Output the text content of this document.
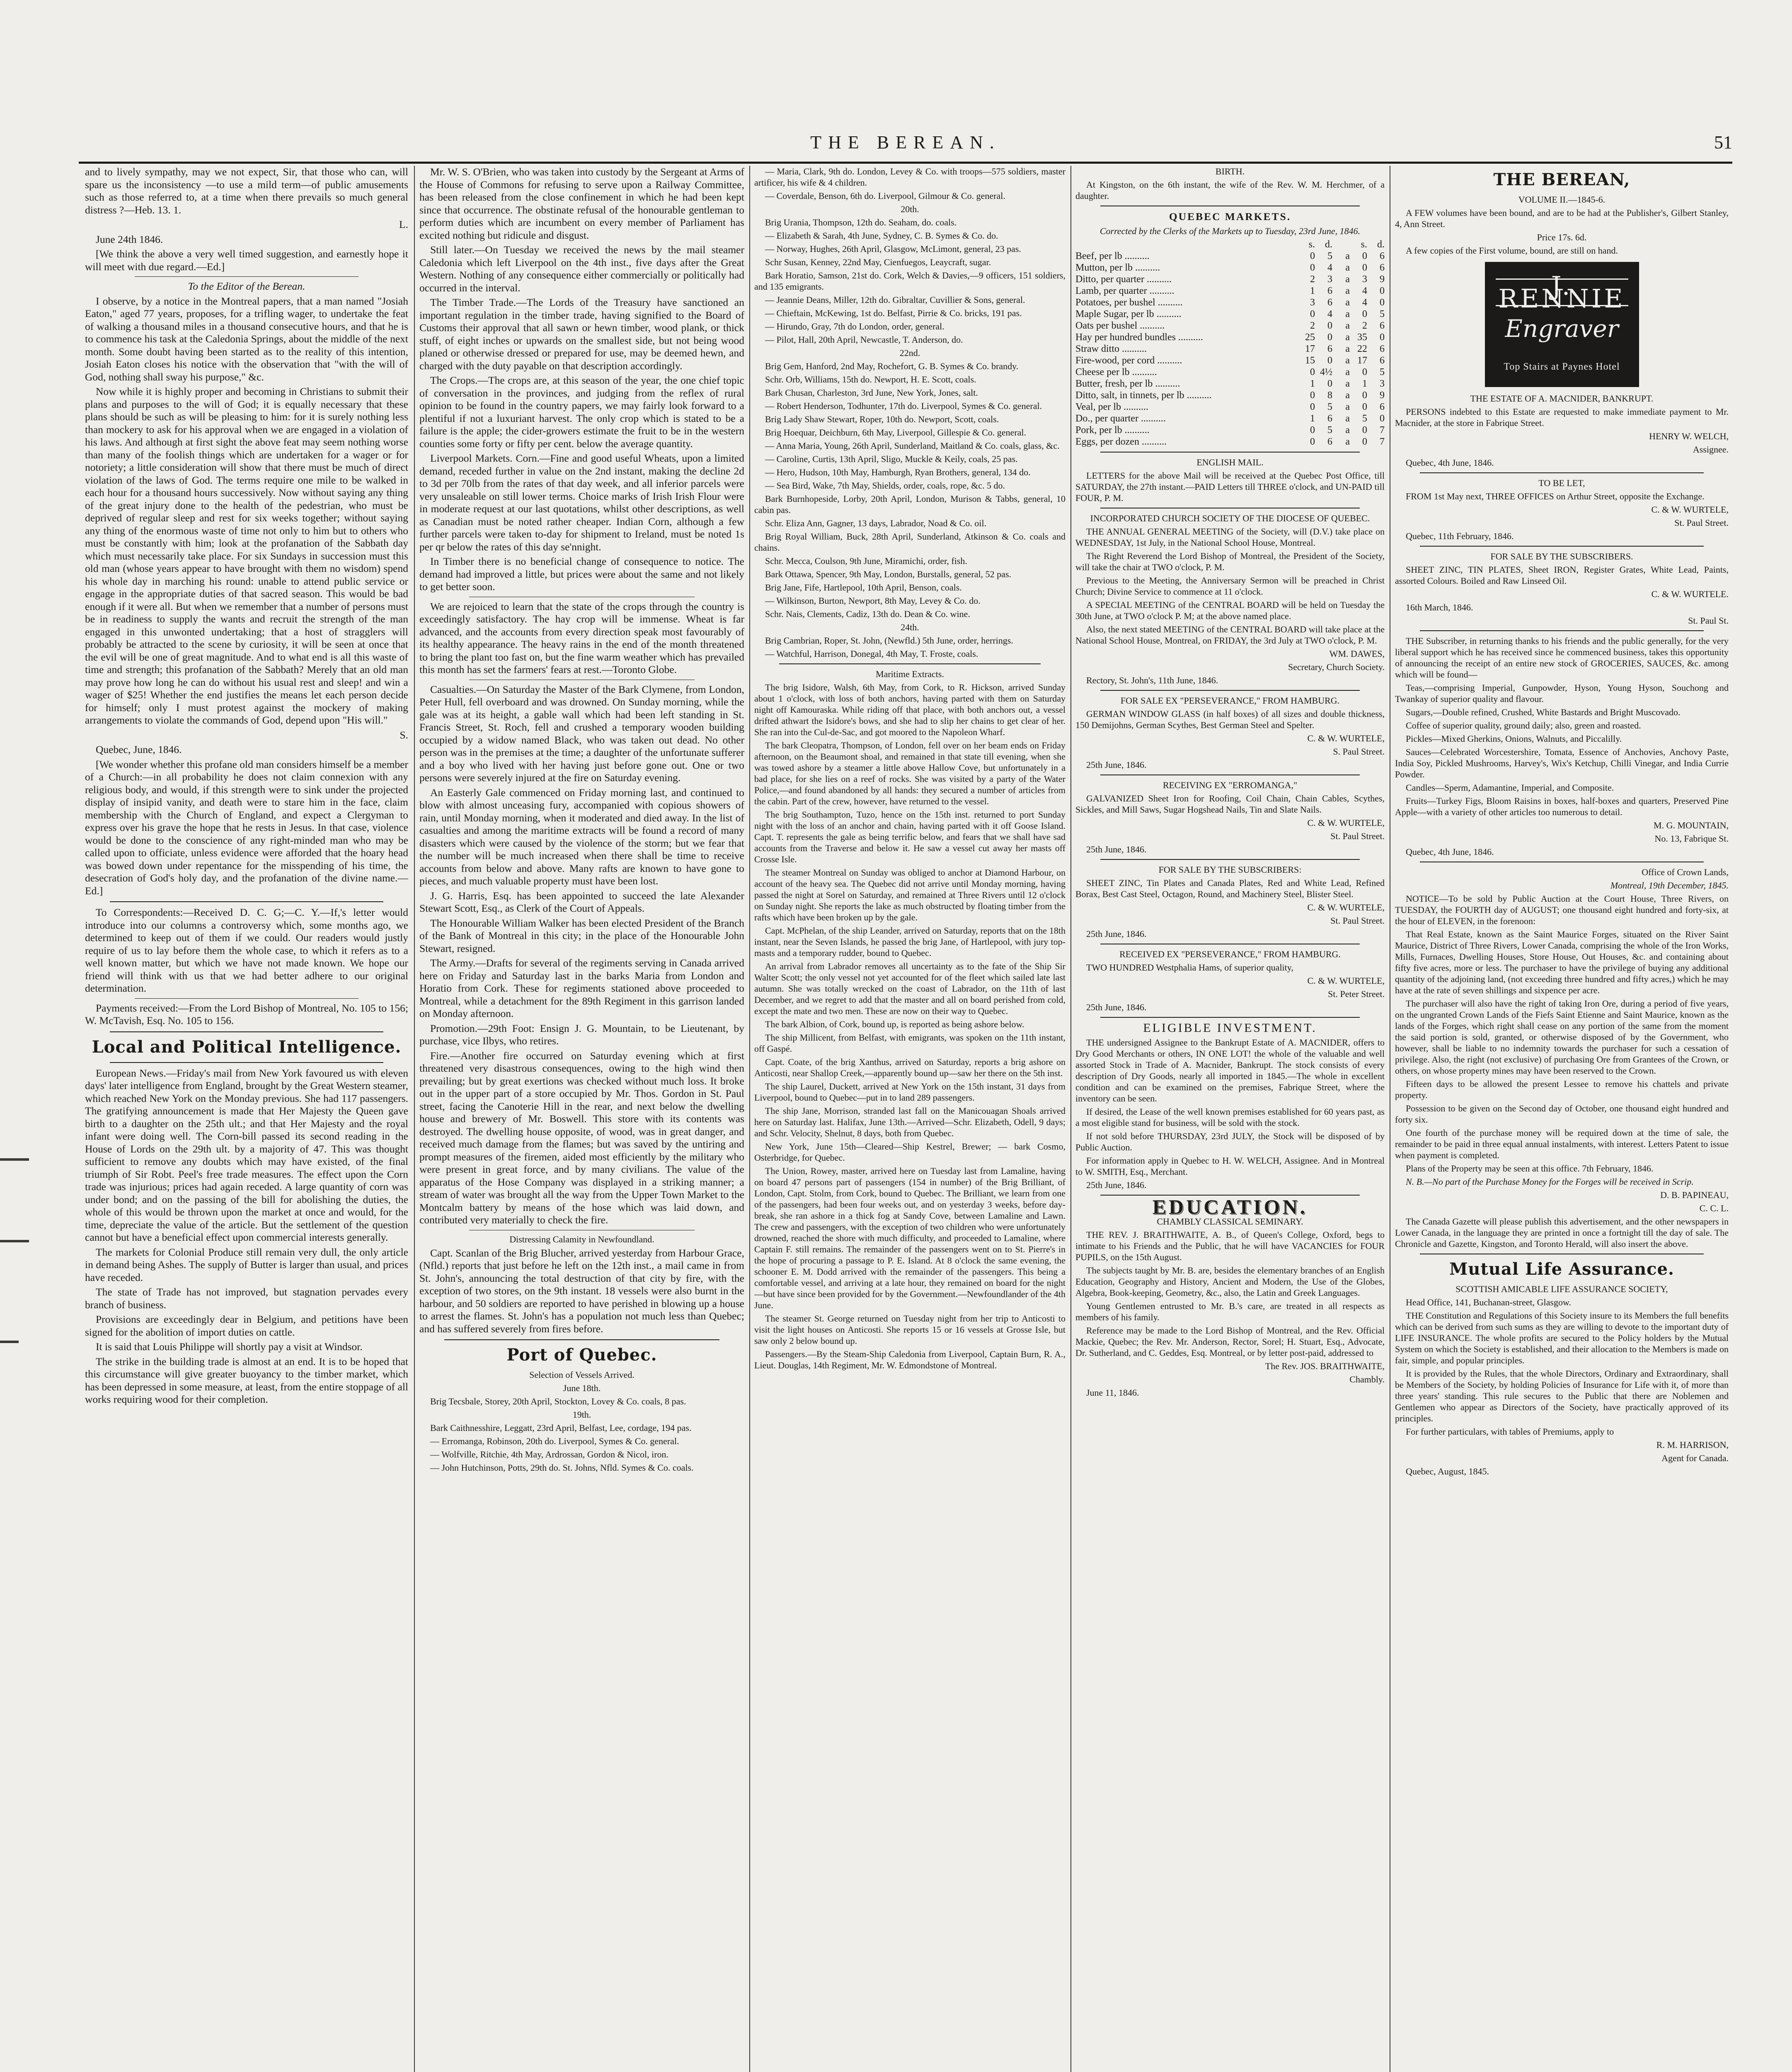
THE BEREAN.	51

and to lively sympathy, may we not expect, Sir, that those who can, will spare us the inconsistency —to use a mild term—of public amusements such as those referred to, at a time when there prevails so much general distress ?—Heb. 13. 1.

L.

June 24th 1846.

[We think the above a very well timed suggestion, and earnestly hope it will meet with due regard.—Ed.]

To the Editor of the Berean.

I observe, by a notice in the Montreal papers, that a man named "Josiah Eaton," aged 77 years, proposes, for a trifling wager, to undertake the feat of walking a thousand miles in a thousand consecutive hours, and that he is to commence his task at the Caledonia Springs, about the middle of the next month. Some doubt having been started as to the reality of this intention, Josiah Eaton closes his notice with the observation that "with the will of God, nothing shall sway his purpose," &c.

Now while it is highly proper and becoming in Christians to submit their plans and purposes to the will of God; it is equally necessary that these plans should be such as will be pleasing to him: for it is surely nothing less than mockery to ask for his approval when we are engaged in a violation of his laws. And although at first sight the above feat may seem nothing worse than many of the foolish things which are undertaken for a wager or for notoriety; a little consideration will show that there must be much of direct violation of the laws of God. The terms require one mile to be walked in each hour for a thousand hours successively. Now without saying any thing of the great injury done to the health of the pedestrian, who must be deprived of regular sleep and rest for six weeks together; without saying any thing of the enormous waste of time not only to him but to others who must be constantly with him; look at the profanation of the Sabbath day which must necessarily take place. For six Sundays in succession must this old man (whose years appear to have brought with them no wisdom) spend his whole day in marching his round: unable to attend public service or engage in the appropriate duties of that sacred season. This would be bad enough if it were all. But when we remember that a number of persons must be in readiness to supply the wants and recruit the strength of the man engaged in this unwonted undertaking; that a host of stragglers will probably be attracted to the scene by curiosity, it will be seen at once that the evil will be one of great magnitude. And to what end is all this waste of time and strength; this profanation of the Sabbath? Merely that an old man may prove how long he can do without his usual rest and sleep! and win a wager of $25! Whether the end justifies the means let each person decide for himself; only I must protest against the mockery of making arrangements to violate the commands of God, depend upon "His will."

S.

Quebec, June, 1846.

[We wonder whether this profane old man considers himself be a member of a Church:—in all probability he does not claim connexion with any religious body, and would, if this strength were to sink under the projected display of insipid vanity, and death were to stare him in the face, claim membership with the Church of England, and expect a Clergyman to express over his grave the hope that he rests in Jesus. In that case, violence would be done to the conscience of any right-minded man who may be called upon to officiate, unless evidence were afforded that the hoary head was bowed down under repentance for the misspending of his time, the desecration of God's holy day, and the profanation of the divine name.—Ed.]

To Correspondents:—Received D. C. G;—C. Y.—If,'s letter would introduce into our columns a controversy which, some months ago, we determined to keep out of them if we could. Our readers would justly require of us to lay before them the whole case, to which it refers as to a well known matter, but which we have not made known. We hope our friend will think with us that we had better adhere to our original determination.

Payments received:—From the Lord Bishop of Montreal, No. 105 to 156; W. McTavish, Esq. No. 105 to 156.

Local and Political Intelligence.

European News.—Friday's mail from New York favoured us with eleven days' later intelligence from England, brought by the Great Western steamer, which reached New York on the Monday previous. She had 117 passengers. The gratifying announcement is made that Her Majesty the Queen gave birth to a daughter on the 25th ult.; and that Her Majesty and the royal infant were doing well. The Corn-bill passed its second reading in the House of Lords on the 29th ult. by a majority of 47. This was thought sufficient to remove any doubts which may have existed, of the final triumph of Sir Robt. Peel's free trade measures. The effect upon the Corn trade was injurious; prices had again receded. A large quantity of corn was under bond; and on the passing of the bill for abolishing the duties, the whole of this would be thrown upon the market at once and would, for the time, depreciate the value of the article. But the settlement of the question cannot but have a beneficial effect upon commercial interests generally.

The markets for Colonial Produce still remain very dull, the only article in demand being Ashes. The supply of Butter is larger than usual, and prices have receded.

The state of Trade has not improved, but stagnation pervades every branch of business.

Provisions are exceedingly dear in Belgium, and petitions have been signed for the abolition of import duties on cattle.

It is said that Louis Philippe will shortly pay a visit at Windsor.

The strike in the building trade is almost at an end. It is to be hoped that this circumstance will give greater buoyancy to the timber market, which has been depressed in some measure, at least, from the entire stoppage of all works requiring wood for their completion.

Mr. W. S. O'Brien, who was taken into custody by the Sergeant at Arms of the House of Commons for refusing to serve upon a Railway Committee, has been released from the close confinement in which he had been kept since that occurrence. The obstinate refusal of the honourable gentleman to perform duties which are incumbent on every member of Parliament has excited nothing but ridicule and disgust.

Still later.—On Tuesday we received the news by the mail steamer Caledonia which left Liverpool on the 4th inst., five days after the Great Western. Nothing of any consequence either commercially or politically had occurred in the interval.

The Timber Trade.—The Lords of the Treasury have sanctioned an important regulation in the timber trade, having signified to the Board of Customs their approval that all sawn or hewn timber, wood plank, or thick stuff, of eight inches or upwards on the smallest side, but not being wood planed or otherwise dressed or prepared for use, may be deemed hewn, and charged with the duty payable on that description accordingly.

The Crops.—The crops are, at this season of the year, the one chief topic of conversation in the provinces, and judging from the reflex of rural opinion to be found in the country papers, we may fairly look forward to a plentiful if not a luxuriant harvest. The only crop which is stated to be a failure is the apple; the cider-growers estimate the fruit to be in the western counties some forty or fifty per cent. below the average quantity.

Liverpool Markets. Corn.—Fine and good useful Wheats, upon a limited demand, receded further in value on the 2nd instant, making the decline 2d to 3d per 70lb from the rates of that day week, and all inferior parcels were very unsaleable on still lower terms. Choice marks of Irish Irish Flour were in moderate request at our last quotations, whilst other descriptions, as well as Canadian must be noted rather cheaper. Indian Corn, although a few further parcels were taken to-day for shipment to Ireland, must be noted 1s per qr below the rates of this day se'nnight.

In Timber there is no beneficial change of consequence to notice. The demand had improved a little, but prices were about the same and not likely to get better soon.

We are rejoiced to learn that the state of the crops through the country is exceedingly satisfactory. The hay crop will be immense. Wheat is far advanced, and the accounts from every direction speak most favourably of its healthy appearance. The heavy rains in the end of the month threatened to bring the plant too fast on, but the fine warm weather which has prevailed this month has set the farmers' fears at rest.—Toronto Globe.

Casualties.—On Saturday the Master of the Bark Clymene, from London, Peter Hull, fell overboard and was drowned. On Sunday morning, while the gale was at its height, a gable wall which had been left standing in St. Francis Street, St. Roch, fell and crushed a temporary wooden building occupied by a widow named Black, who was taken out dead. No other person was in the premises at the time; a daughter of the unfortunate sufferer and a boy who lived with her having just before gone out. One or two persons were severely injured at the fire on Saturday evening.

An Easterly Gale commenced on Friday morning last, and continued to blow with almost unceasing fury, accompanied with copious showers of rain, until Monday morning, when it moderated and died away. In the list of casualties and among the maritime extracts will be found a record of many disasters which were caused by the violence of the storm; but we fear that the number will be much increased when there shall be time to receive accounts from below and above. Many rafts are known to have gone to pieces, and much valuable property must have been lost.

J. G. Harris, Esq. has been appointed to succeed the late Alexander Stewart Scott, Esq., as Clerk of the Court of Appeals.

The Honourable William Walker has been elected President of the Branch of the Bank of Montreal in this city; in the place of the Honourable John Stewart, resigned.

The Army.—Drafts for several of the regiments serving in Canada arrived here on Friday and Saturday last in the barks Maria from London and Horatio from Cork. These for regiments stationed above proceeded to Montreal, while a detachment for the 89th Regiment in this garrison landed on Monday afternoon.

Promotion.—29th Foot: Ensign J. G. Mountain, to be Lieutenant, by purchase, vice Ilbys, who retires.

Fire.—Another fire occurred on Saturday evening which at first threatened very disastrous consequences, owing to the high wind then prevailing; but by great exertions was checked without much loss. It broke out in the upper part of a store occupied by Mr. Thos. Gordon in St. Paul street, facing the Canoterie Hill in the rear, and next below the dwelling house and brewery of Mr. Boswell. This store with its contents was destroyed. The dwelling house opposite, of wood, was in great danger, and received much damage from the flames; but was saved by the untiring and prompt measures of the firemen, aided most efficiently by the military who were present in great force, and by many civilians. The value of the apparatus of the Hose Company was displayed in a striking manner; a stream of water was brought all the way from the Upper Town Market to the Montcalm battery by means of the hose which was laid down, and contributed very materially to check the fire.

Distressing Calamity in Newfoundland.

Capt. Scanlan of the Brig Blucher, arrived yesterday from Harbour Grace, (Nfld.) reports that just before he left on the 12th inst., a mail came in from St. John's, announcing the total destruction of that city by fire, with the exception of two stores, on the 9th instant. 18 vessels were also burnt in the harbour, and 50 soldiers are reported to have perished in blowing up a house to arrest the flames. St. John's has a population not much less than Quebec; and has suffered severely from fires before.

Port of Quebec.

Selection of Vessels Arrived.

June 18th.

Brig Tecsbale, Storey, 20th April, Stockton, Lovey & Co. coals, 8 pas.

19th.

Bark Caithnesshire, Leggatt, 23rd April, Belfast, Lee, cordage, 194 pas.

— Erromanga, Robinson, 20th do. Liverpool, Symes & Co. general.

— Wolfville, Ritchie, 4th May, Ardrossan, Gordon & Nicol, iron.

— John Hutchinson, Potts, 29th do. St. Johns, Nfld. Symes & Co. coals.

— Maria, Clark, 9th do. London, Levey & Co. with troops—575 soldiers, master artificer, his wife & 4 children.

— Coverdale, Benson, 6th do. Liverpool, Gilmour & Co. general.

20th.

Brig Urania, Thompson, 12th do. Seaham, do. coals.

— Elizabeth & Sarah, 4th June, Sydney, C. B. Symes & Co. do.

— Norway, Hughes, 26th April, Glasgow, McLimont, general, 23 pas.

Schr Susan, Kenney, 22nd May, Cienfuegos, Leaycraft, sugar.

Bark Horatio, Samson, 21st do. Cork, Welch & Davies,—9 officers, 151 soldiers, and 135 emigrants.

— Jeannie Deans, Miller, 12th do. Gibraltar, Cuvillier & Sons, general.

— Chieftain, McKewing, 1st do. Belfast, Pirrie & Co. bricks, 191 pas.

— Hirundo, Gray, 7th do London, order, general.

— Pilot, Hall, 20th April, Newcastle, T. Anderson, do.

22nd.

Brig Gem, Hanford, 2nd May, Rochefort, G. B. Symes & Co. brandy.

Schr. Orb, Williams, 15th do. Newport, H. E. Scott, coals.

Bark Chusan, Charleston, 3rd June, New York, Jones, salt.

— Robert Henderson, Todhunter, 17th do. Liverpool, Symes & Co. general.

Brig Lady Shaw Stewart, Roper, 10th do. Newport, Scott, coals.

Brig Hoequar, Deichburn, 6th May, Liverpool, Gillespie & Co. general.

— Anna Maria, Young, 26th April, Sunderland, Maitland & Co. coals, glass, &c.

— Caroline, Curtis, 13th April, Sligo, Muckle & Keily, coals, 25 pas.

— Hero, Hudson, 10th May, Hamburgh, Ryan Brothers, general, 134 do.

— Sea Bird, Wake, 7th May, Shields, order, coals, rope, &c. 5 do.

Bark Burnhopeside, Lorby, 20th April, London, Murison & Tabbs, general, 10 cabin pas.

Schr. Eliza Ann, Gagner, 13 days, Labrador, Noad & Co. oil.

Brig Royal William, Buck, 28th April, Sunderland, Atkinson & Co. coals and chains.

Schr. Mecca, Coulson, 9th June, Miramichi, order, fish.

Bark Ottawa, Spencer, 9th May, London, Burstalls, general, 52 pas.

Brig Jane, Fife, Hartlepool, 10th April, Benson, coals.

— Wilkinson, Burton, Newport, 8th May, Levey & Co. do.

Schr. Nais, Clements, Cadiz, 13th do. Dean & Co. wine.

24th.

Brig Cambrian, Roper, St. John, (Newfld.) 5th June, order, herrings.

— Watchful, Harrison, Donegal, 4th May, T. Froste, coals.

Maritime Extracts.

The brig Isidore, Walsh, 6th May, from Cork, to R. Hickson, arrived Sunday about 1 o'clock, with loss of both anchors, having parted with them on Saturday night off Kamouraska. While riding off that place, with both anchors out, a vessel drifted athwart the Isidore's bows, and she had to slip her chains to get clear of her. She ran into the Cul-de-Sac, and got moored to the Napoleon Wharf.

The bark Cleopatra, Thompson, of London, fell over on her beam ends on Friday afternoon, on the Beaumont shoal, and remained in that state till evening, when she was towed ashore by a steamer a little above Hallow Cove, but unfortunately in a bad place, for she lies on a reef of rocks. She was visited by a party of the Water Police,—and found abandoned by all hands: they secured a number of articles from the cabin. Part of the crew, however, have returned to the vessel.

The brig Southampton, Tuzo, hence on the 15th inst. returned to port Sunday night with the loss of an anchor and chain, having parted with it off Goose Island. Capt. T. represents the gale as being terrific below, and fears that we shall have sad accounts from the Traverse and below it. He saw a vessel cut away her masts off Crosse Isle.

The steamer Montreal on Sunday was obliged to anchor at Diamond Harbour, on account of the heavy sea. The Quebec did not arrive until Monday morning, having passed the night at Sorel on Saturday, and remained at Three Rivers until 12 o'clock on Sunday night. She reports the lake as much obstructed by floating timber from the rafts which have been broken up by the gale.

Capt. McPhelan, of the ship Leander, arrived on Saturday, reports that on the 18th instant, near the Seven Islands, he passed the brig Jane, of Hartlepool, with jury top-masts and a temporary rudder, bound to Quebec.

An arrival from Labrador removes all uncertainty as to the fate of the Ship Sir Walter Scott; the only vessel not yet accounted for of the fleet which sailed late last autumn. She was totally wrecked on the coast of Labrador, on the 11th of last December, and we regret to add that the master and all on board perished from cold, except the mate and two men. These are now on their way to Quebec.

The bark Albion, of Cork, bound up, is reported as being ashore below.

The ship Millicent, from Belfast, with emigrants, was spoken on the 11th instant, off Gaspé.

Capt. Coate, of the brig Xanthus, arrived on Saturday, reports a brig ashore on Anticosti, near Shallop Creek,—apparently bound up—saw her there on the 5th inst.

The ship Laurel, Duckett, arrived at New York on the 15th instant, 31 days from Liverpool, bound to Quebec—put in to land 289 passengers.

The ship Jane, Morrison, stranded last fall on the Manicouagan Shoals arrived here on Saturday last. Halifax, June 13th.—Arrived—Schr. Elizabeth, Odell, 9 days; and Schr. Velocity, Shelnut, 8 days, both from Quebec.

New York, June 15th—Cleared—Ship Kestrel, Brewer; — bark Cosmo, Osterbridge, for Quebec.

The Union, Rowey, master, arrived here on Tuesday last from Lamaline, having on board 47 persons part of passengers (154 in number) of the Brig Brilliant, of London, Capt. Stolm, from Cork, bound to Quebec. The Brilliant, we learn from one of the passengers, had been four weeks out, and on yesterday 3 weeks, before day-break, she ran ashore in a thick fog at Sandy Cove, between Lamaline and Lawn. The crew and passengers, with the exception of two children who were unfortunately drowned, reached the shore with much difficulty, and proceeded to Lamaline, where Captain F. still remains. The remainder of the passengers went on to St. Pierre's in the hope of procuring a passage to P. E. Island. At 8 o'clock the same evening, the schooner E. M. Dodd arrived with the remainder of the passengers. This being a comfortable vessel, and arriving at a late hour, they remained on board for the night—but have since been provided for by the Government.—Newfoundlander of the 4th June.

The steamer St. George returned on Tuesday night from her trip to Anticosti to visit the light houses on Anticosti. She reports 15 or 16 vessels at Grosse Isle, but saw only 2 below bound up.

Passengers.—By the Steam-Ship Caledonia from Liverpool, Captain Burn, R. A., Lieut. Douglas, 14th Regiment, Mr. W. Edmondstone of Montreal.

BIRTH.

At Kingston, on the 6th instant, the wife of the Rev. W. M. Herchmer, of a daughter.

QUEBEC MARKETS.

Corrected by the Clerks of the Markets up to Tuesday, 23rd June, 1846.

	s.	d.		s.	d.
Beef, per lb ..........	0	5	a	0	6
Mutton, per lb ..........	0	4	a	0	6
Ditto, per quarter ..........	2	3	a	3	9
Lamb, per quarter ..........	1	6	a	4	0
Potatoes, per bushel ..........	3	6	a	4	0
Maple Sugar, per lb ..........	0	4	a	0	5
Oats per bushel ..........	2	0	a	2	6
Hay per hundred bundles ..........	25	0	a	35	0
Straw ditto ..........	17	6	a	22	6
Fire-wood, per cord ..........	15	0	a	17	6
Cheese per lb ..........	0	4½	a	0	5
Butter, fresh, per lb ..........	1	0	a	1	3
Ditto, salt, in tinnets, per lb ..........	0	8	a	0	9
Veal, per lb ..........	0	5	a	0	6
Do., per quarter ..........	1	6	a	5	0
Pork, per lb ..........	0	5	a	0	7
Eggs, per dozen ..........	0	6	a	0	7

ENGLISH MAIL.

LETTERS for the above Mail will be received at the Quebec Post Office, till SATURDAY, the 27th instant.—PAID Letters till THREE o'clock, and UN-PAID till FOUR, P. M.

INCORPORATED CHURCH SOCIETY OF THE DIOCESE OF QUEBEC.

THE ANNUAL GENERAL MEETING of the Society, will (D.V.) take place on WEDNESDAY, 1st July, in the National School House, Montreal.

The Right Reverend the Lord Bishop of Montreal, the President of the Society, will take the chair at TWO o'clock, P. M.

Previous to the Meeting, the Anniversary Sermon will be preached in Christ Church; Divine Service to commence at 11 o'clock.

A SPECIAL MEETING of the CENTRAL BOARD will be held on Tuesday the 30th June, at TWO o'clock P. M; at the above named place.

Also, the next stated MEETING of the CENTRAL BOARD will take place at the National School House, Montreal, on FRIDAY, the 3rd July at TWO o'clock, P. M.

WM. DAWES,

Secretary, Church Society.

Rectory, St. John's, 11th June, 1846.

FOR SALE EX "PERSEVERANCE," FROM HAMBURG.

GERMAN WINDOW GLASS (in half boxes) of all sizes and double thickness, 150 Demijohns, German Scythes, Best German Steel and Spelter.

C. & W. WURTELE,

S. Paul Street.

25th June, 1846.

RECEIVING EX "ERROMANGA,"

GALVANIZED Sheet Iron for Roofing, Coil Chain, Chain Cables, Scythes, Sickles, and Mill Saws, Sugar Hogshead Nails, Tin and Slate Nails.

C. & W. WURTELE,

St. Paul Street.

25th June, 1846.

FOR SALE BY THE SUBSCRIBERS:

SHEET ZINC, Tin Plates and Canada Plates, Red and White Lead, Refined Borax, Best Cast Steel, Octagon, Round, and Machinery Steel, Blister Steel.

C. & W. WURTELE,

St. Paul Street.

25th June, 1846.

RECEIVED EX "PERSEVERANCE," FROM HAMBURG.

TWO HUNDRED Westphalia Hams, of superior quality,

C. & W. WURTELE,

St. Peter Street.

25th June, 1846.

ELIGIBLE INVESTMENT.

THE undersigned Assignee to the Bankrupt Estate of A. MACNIDER, offers to Dry Good Merchants or others, IN ONE LOT! the whole of the valuable and well assorted Stock in Trade of A. Macnider, Bankrupt. The stock consists of every description of Dry Goods, nearly all imported in 1845.—The whole in excellent condition and can be examined on the premises, Fabrique Street, where the inventory can be seen.

If desired, the Lease of the well known premises established for 60 years past, as a most eligible stand for business, will be sold with the stock.

If not sold before THURSDAY, 23rd JULY, the Stock will be disposed of by Public Auction.

For information apply in Quebec to H. W. WELCH, Assignee. And in Montreal to W. SMITH, Esq., Merchant.

25th June, 1846.

EDUCATION.

CHAMBLY CLASSICAL SEMINARY.

THE REV. J. BRAITHWAITE, A. B., of Queen's College, Oxford, begs to intimate to his Friends and the Public, that he will have VACANCIES for FOUR PUPILS, on the 15th August.

The subjects taught by Mr. B. are, besides the elementary branches of an English Education, Geography and History, Ancient and Modern, the Use of the Globes, Algebra, Book-keeping, Geometry, &c., also, the Latin and Greek Languages.

Young Gentlemen entrusted to Mr. B.'s care, are treated in all respects as members of his family.

Reference may be made to the Lord Bishop of Montreal, and the Rev. Official Mackie, Quebec; the Rev. Mr. Anderson, Rector, Sorel; H. Stuart, Esq., Advocate, Dr. Sutherland, and C. Geddes, Esq. Montreal, or by letter post-paid, addressed to

The Rev. JOS. BRAITHWAITE,

Chambly.

June 11, 1846.

THE BEREAN,

VOLUME II.—1845-6.

A FEW volumes have been bound, and are to be had at the Publisher's, Gilbert Stanley, 4, Ann Street.

Price 17s. 6d.

A few copies of the First volume, bound, are still on hand.

J. RENNIE
Engraver
Top Stairs at Paynes Hotel

THE ESTATE OF A. MACNIDER, BANKRUPT.

PERSONS indebted to this Estate are requested to make immediate payment to Mr. Macnider, at the store in Fabrique Street.

HENRY W. WELCH,

Assignee.

Quebec, 4th June, 1846.

TO BE LET,

FROM 1st May next, THREE OFFICES on Arthur Street, opposite the Exchange.

C. & W. WURTELE,

St. Paul Street.

Quebec, 11th February, 1846.

FOR SALE BY THE SUBSCRIBERS.

SHEET ZINC, TIN PLATES, Sheet IRON, Register Grates, White Lead, Paints, assorted Colours. Boiled and Raw Linseed Oil.

C. & W. WURTELE.

16th March, 1846.

St. Paul St.

THE Subscriber, in returning thanks to his friends and the public generally, for the very liberal support which he has received since he commenced business, takes this opportunity of announcing the receipt of an entire new stock of GROCERIES, SAUCES, &c. among which will be found—

Teas,—comprising Imperial, Gunpowder, Hyson, Young Hyson, Souchong and Twankay of superior quality and flavour.

Sugars,—Double refined, Crushed, White Bastards and Bright Muscovado.

Coffee of superior quality, ground daily; also, green and roasted.

Pickles—Mixed Gherkins, Onions, Walnuts, and Piccalilly.

Sauces—Celebrated Worcestershire, Tomata, Essence of Anchovies, Anchovy Paste, India Soy, Pickled Mushrooms, Harvey's, Wix's Ketchup, Chilli Vinegar, and India Currie Powder.

Candles—Sperm, Adamantine, Imperial, and Composite.

Fruits—Turkey Figs, Bloom Raisins in boxes, half-boxes and quarters, Preserved Pine Apple—with a variety of other articles too numerous to detail.

M. G. MOUNTAIN,

No. 13, Fabrique St.

Quebec, 4th June, 1846.

Office of Crown Lands,

Montreal, 19th December, 1845.

NOTICE—To be sold by Public Auction at the Court House, Three Rivers, on TUESDAY, the FOURTH day of AUGUST; one thousand eight hundred and forty-six, at the hour of ELEVEN, in the forenoon:

That Real Estate, known as the Saint Maurice Forges, situated on the River Saint Maurice, District of Three Rivers, Lower Canada, comprising the whole of the Iron Works, Mills, Furnaces, Dwelling Houses, Store House, Out Houses, &c. and containing about fifty five acres, more or less. The purchaser to have the privilege of buying any additional quantity of the adjoining land, (not exceeding three hundred and fifty acres,) which he may have at the rate of seven shillings and sixpence per acre.

The purchaser will also have the right of taking Iron Ore, during a period of five years, on the ungranted Crown Lands of the Fiefs Saint Etienne and Saint Maurice, known as the lands of the Forges, which right shall cease on any portion of the same from the moment the said portion is sold, granted, or otherwise disposed of by the Government, who however, shall be liable to no indemnity towards the purchaser for such a cessation of privilege. Also, the right (not exclusive) of purchasing Ore from Grantees of the Crown, or others, on whose property mines may have been reserved to the Crown.

Fifteen days to be allowed the present Lessee to remove his chattels and private property.

Possession to be given on the Second day of October, one thousand eight hundred and forty six.

One fourth of the purchase money will be required down at the time of sale, the remainder to be paid in three equal annual instalments, with interest. Letters Patent to issue when payment is completed.

Plans of the Property may be seen at this office. 7th February, 1846.

N. B.—No part of the Purchase Money for the Forges will be received in Scrip.

D. B. PAPINEAU,

C. C. L.

The Canada Gazette will please publish this advertisement, and the other newspapers in Lower Canada, in the language they are printed in once a fortnight till the day of sale. The Chronicle and Gazette, Kingston, and Toronto Herald, will also insert the above.

Mutual Life Assurance.

SCOTTISH AMICABLE LIFE ASSURANCE SOCIETY,

Head Office, 141, Buchanan-street, Glasgow.

THE Constitution and Regulations of this Society insure to its Members the full benefits which can be derived from such sums as they are willing to devote to the important duty of LIFE INSURANCE. The whole profits are secured to the Policy holders by the Mutual System on which the Society is established, and their allocation to the Members is made on fair, simple, and popular principles.

It is provided by the Rules, that the whole Directors, Ordinary and Extraordinary, shall be Members of the Society, by holding Policies of Insurance for Life with it, of more than three years' standing. This rule secures to the Public that there are Noblemen and Gentlemen who appear as Directors of the Society, have practically approved of its principles.

For further particulars, with tables of Premiums, apply to

R. M. HARRISON,

Agent for Canada.

Quebec, August, 1845.
